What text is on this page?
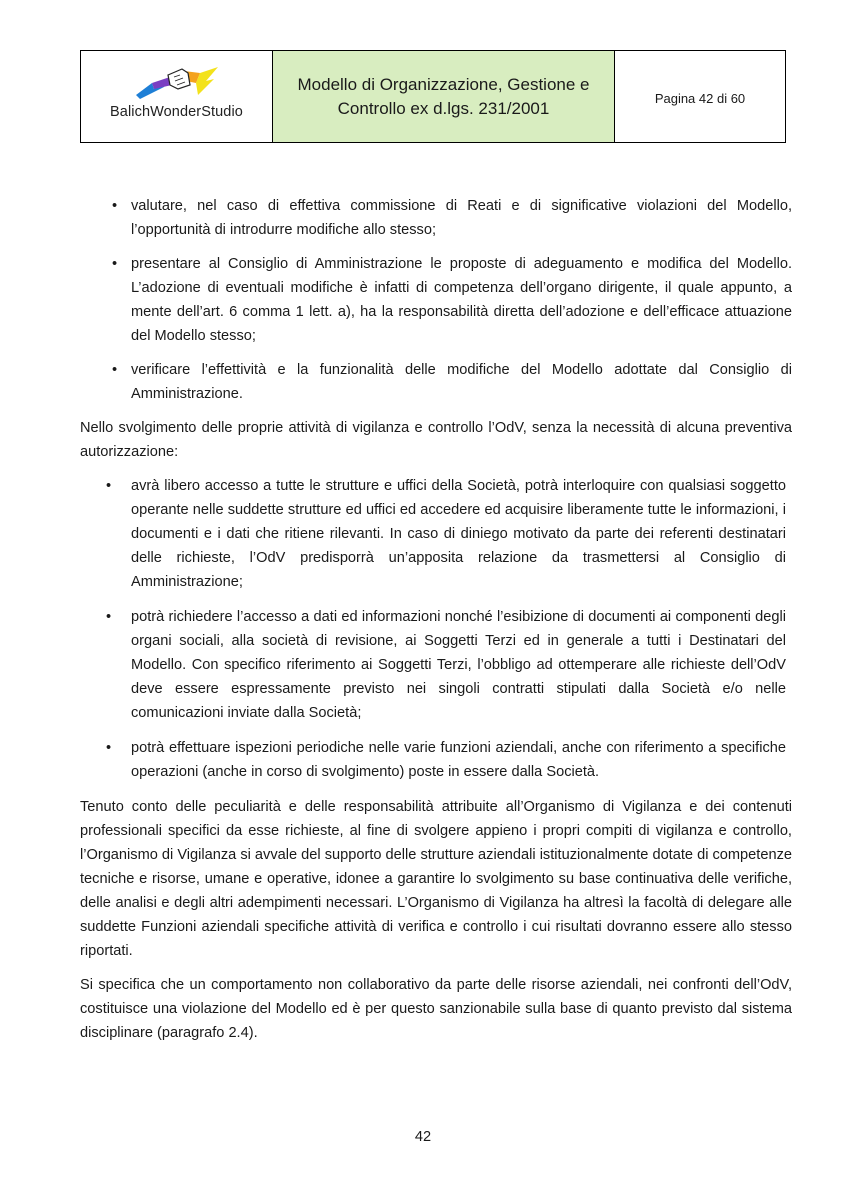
BalichWonderStudio
Modello di Organizzazione, Gestione e Controllo ex d.lgs. 231/2001	Pagina 42 di 60
• valutare, nel caso di effettiva commissione di Reati e di significative violazioni del Modello, l’opportunità di introdurre modifiche allo stesso;
• presentare al Consiglio di Amministrazione le proposte di adeguamento e modifica del Modello. L’adozione di eventuali modifiche è infatti di competenza dell’organo dirigente, il quale appunto, a mente dell’art. 6 comma 1 lett. a), ha la responsabilità diretta dell’adozione e dell’efficace attuazione del Modello stesso;
• verificare l’effettività e la funzionalità delle modifiche del Modello adottate dal Consiglio di Amministrazione.

Nello svolgimento delle proprie attività di vigilanza e controllo l’OdV, senza la necessità di alcuna preventiva autorizzazione:

• avrà libero accesso a tutte le strutture e uffici della Società, potrà interloquire con qualsiasi soggetto operante nelle suddette strutture ed uffici ed accedere ed acquisire liberamente tutte le informazioni, i documenti e i dati che ritiene rilevanti. In caso di diniego motivato da parte dei referenti destinatari delle richieste, l’OdV predisporrà un’apposita relazione da trasmettersi al Consiglio di Amministrazione;
• potrà richiedere l’accesso a dati ed informazioni nonché l’esibizione di documenti ai componenti degli organi sociali, alla società di revisione, ai Soggetti Terzi ed in generale a tutti i Destinatari del Modello. Con specifico riferimento ai Soggetti Terzi, l’obbligo ad ottemperare alle richieste dell’OdV deve essere espressamente previsto nei singoli contratti stipulati dalla Società e/o nelle comunicazioni inviate dalla Società;
• potrà effettuare ispezioni periodiche nelle varie funzioni aziendali, anche con riferimento a specifiche operazioni (anche in corso di svolgimento) poste in essere dalla Società.

Tenuto conto delle peculiarità e delle responsabilità attribuite all’Organismo di Vigilanza e dei contenuti professionali specifici da esse richieste, al fine di svolgere appieno i propri compiti di vigilanza e controllo, l’Organismo di Vigilanza si avvale del supporto delle strutture aziendali istituzionalmente dotate di competenze tecniche e risorse, umane e operative, idonee a garantire lo svolgimento su base continuativa delle verifiche, delle analisi e degli altri adempimenti necessari. L’Organismo di Vigilanza ha altresì la facoltà di delegare alle suddette Funzioni aziendali specifiche attività di verifica e controllo i cui risultati dovranno essere allo stesso riportati.

Si specifica che un comportamento non collaborativo da parte delle risorse aziendali, nei confronti dell’OdV, costituisce una violazione del Modello ed è per questo sanzionabile sulla base di quanto previsto dal sistema disciplinare (paragrafo 2.4).

42
